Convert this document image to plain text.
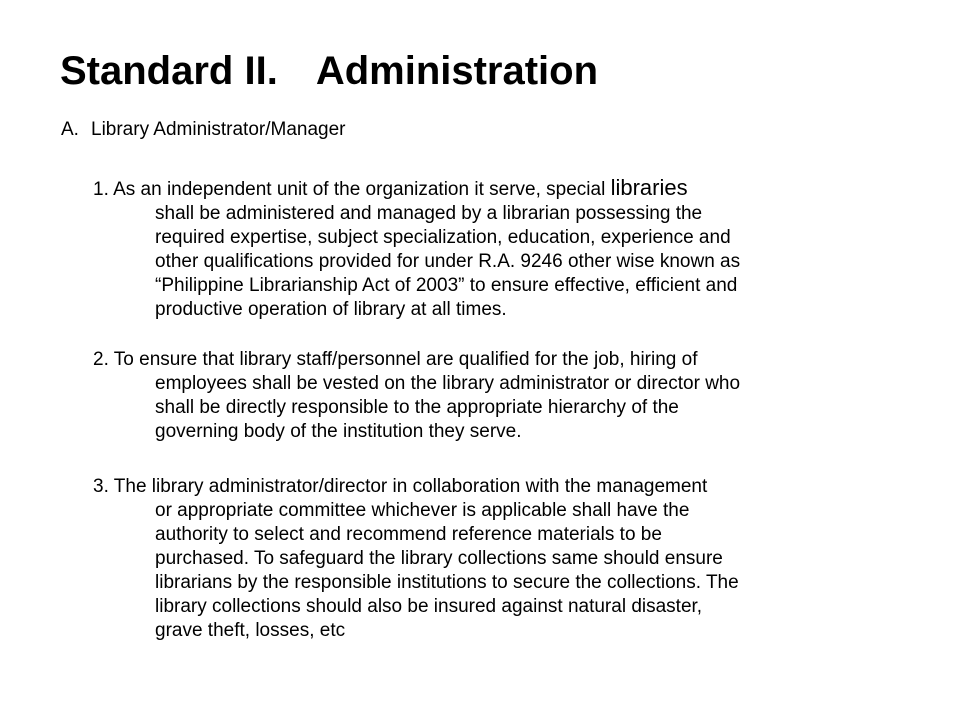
Standard II. Administration
A. Library Administrator/Manager
1. As an independent unit of the organization it serve, special libraries
shall be administered and managed by a librarian possessing the
required expertise, subject specialization, education, experience and
other qualifications provided for under R.A. 9246 other wise known as
“Philippine Librarianship Act of 2003” to ensure effective, efficient and
productive operation of library at all times.
2. To ensure that library staff/personnel are qualified for the job, hiring of
employees shall be vested on the library administrator or director who
shall be directly responsible to the appropriate hierarchy of the
governing body of the institution they serve.
3. The library administrator/director in collaboration with the management
or appropriate committee whichever is applicable shall have the
authority to select and recommend reference materials to be
purchased. To safeguard the library collections same should ensure
librarians by the responsible institutions to secure the collections. The
library collections should also be insured against natural disaster,
grave theft, losses, etc
